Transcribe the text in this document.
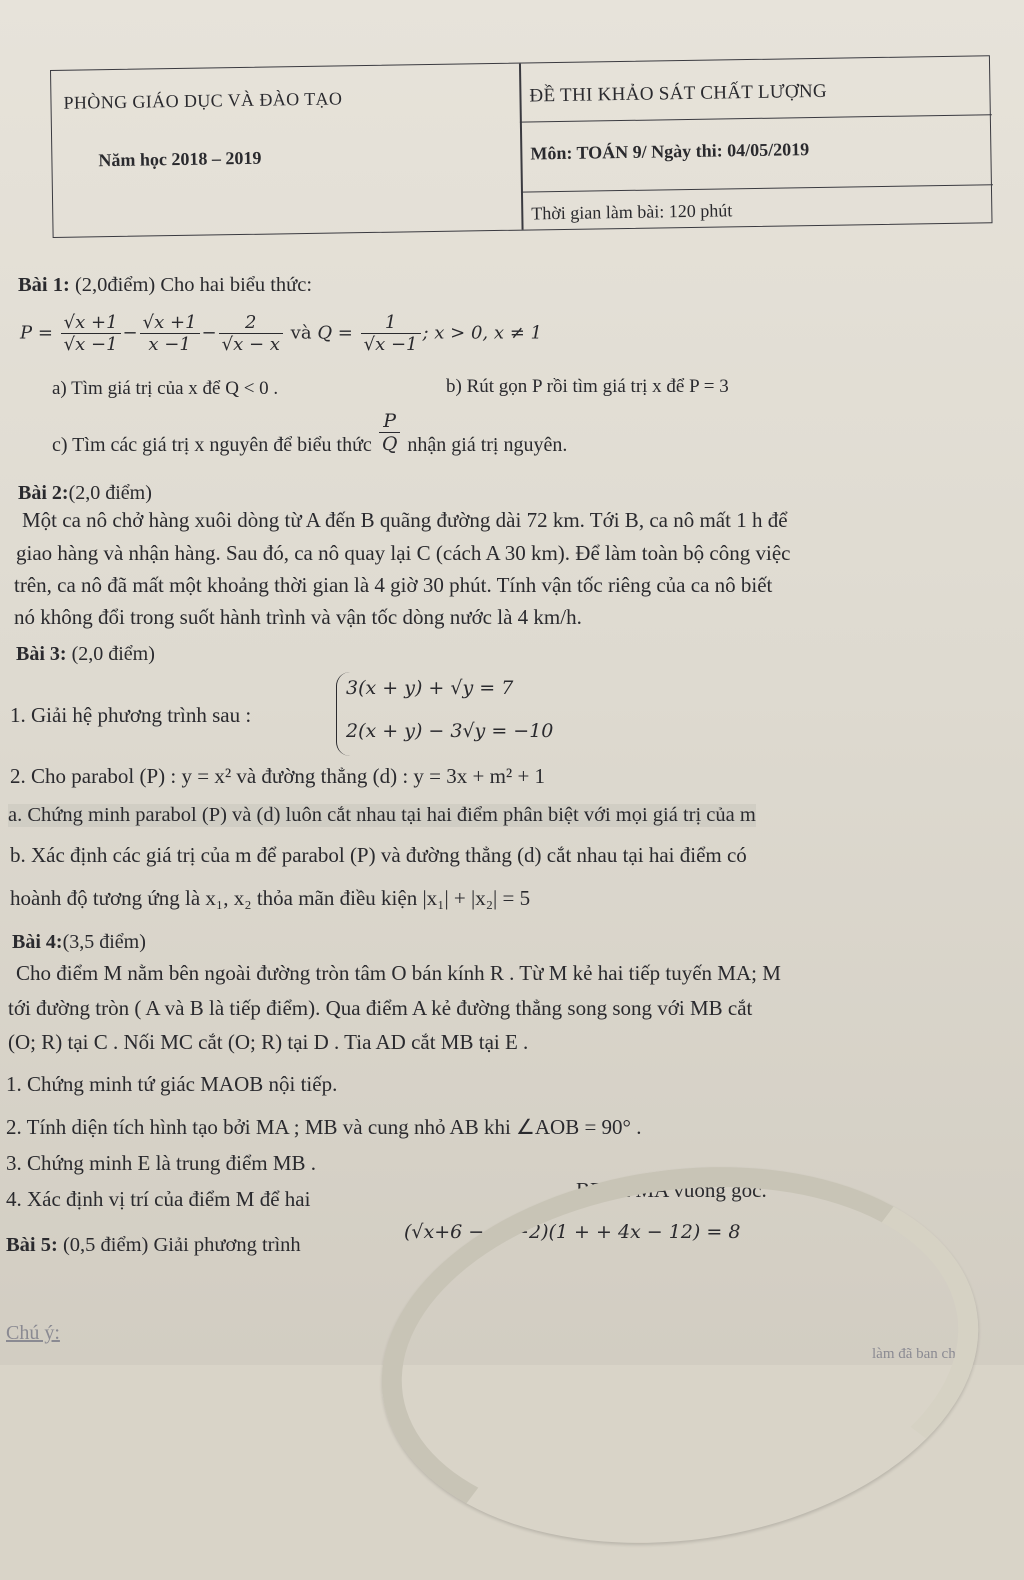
PHÒNG GIÁO DỤC VÀ ĐÀO TẠO
Năm học 2018 – 2019
ĐỀ THI KHẢO SÁT CHẤT LƯỢNG
Môn: TOÁN 9/ Ngày thi: 04/05/2019
Thời gian làm bài: 120 phút
Bài 1: (2,0điểm) Cho hai biểu thức:
$P = \frac{√x +1}{√x -1} - \frac{√x +1}{x -1} - \frac{2}{√x - x}$ và $Q = \frac{1}{√x -1}$ ; x > 0, x ≠ 1
a) Tìm giá trị của x để Q < 0 .	b) Rút gọn P rồi tìm giá trị x để P = 3
c) Tìm các giá trị x nguyên để biểu thức $\frac{P}{Q}$ nhận giá trị nguyên.
Bài 2:(2,0 điểm)
Một ca nô chở hàng xuôi dòng từ A đến B quãng đường dài 72 km. Tới B, ca nô mất 1 h để
giao hàng và nhận hàng. Sau đó, ca nô quay lại C (cách A 30 km). Để làm toàn bộ công việc
trên, ca nô đã mất một khoảng thời gian là 4 giờ 30 phút. Tính vận tốc riêng của ca nô biết
nó không đổi trong suốt hành trình và vận tốc dòng nước là 4 km/h.
Bài 3: (2,0 điểm)
1. Giải hệ phương trình sau :
3(x + y) + √y = 7
2(x + y) − 3√y = −10
2. Cho parabol (P) : y = x² và đường thẳng (d) : y = 3x + m² + 1
a. Chứng minh parabol (P) và (d) luôn cắt nhau tại hai điểm phân biệt với mọi giá trị của m
b. Xác định các giá trị của m để parabol (P) và đường thẳng (d) cắt nhau tại hai điểm có
hoành độ tương ứng là x₁, x₂ thỏa mãn điều kiện |x₁| + |x₂| = 5
Bài 4:(3,5 điểm)
Cho điểm M nằm bên ngoài đường tròn tâm O bán kính R . Từ M kẻ hai tiếp tuyến MA; M
tới đường tròn ( A và B là tiếp điểm). Qua điểm A kẻ đường thẳng song song với MB cắt
(O; R) tại C . Nối MC cắt (O; R) tại D . Tia AD cắt MB tại E .
1. Chứng minh tứ giác MAOB nội tiếp.
2. Tính diện tích hình tạo bởi MA ; MB và cung nhỏ AB khi ∠AOB = 90° .
3. Chứng minh E là trung điểm MB .
4. Xác định vị trí của điểm M để hai	BD và MA vuông góc.
Bài 5: (0,5 điểm) Giải phương trình
(√x+6 − √x−2)(1 + + 4x − 12) = 8
Chú ý:
làm đã ban chỉ
